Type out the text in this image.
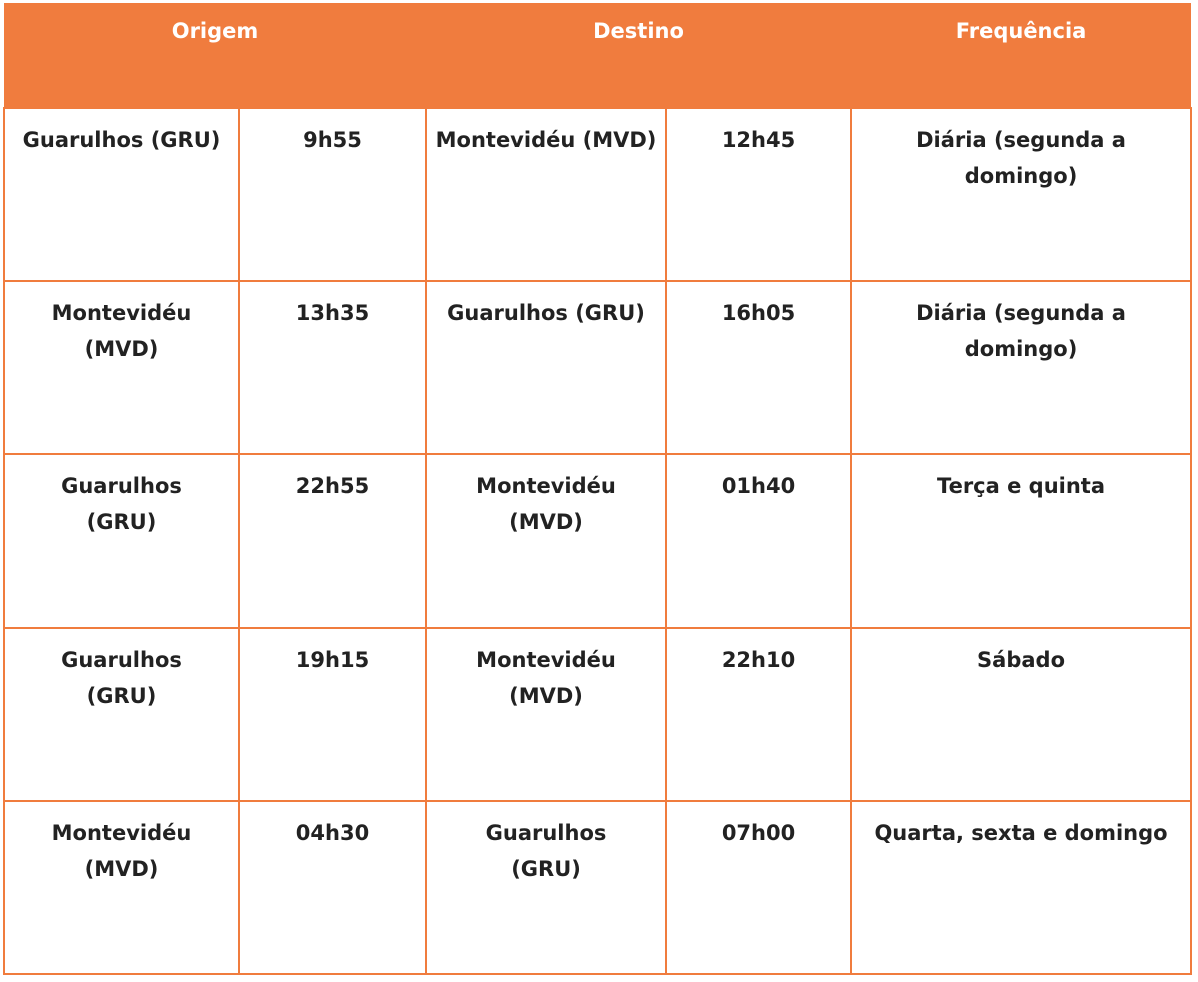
Origem		Destino		Frequência
Guarulhos (GRU)	9h55	Montevidéu (MVD)	12h45	Diária (segunda a domingo)
Montevidéu (MVD)	13h35	Guarulhos (GRU)	16h05	Diária (segunda a domingo)
Guarulhos (GRU)	22h55	Montevidéu (MVD)	01h40	Terça e quinta
Guarulhos (GRU)	19h15	Montevidéu (MVD)	22h10	Sábado
Montevidéu (MVD)	04h30	Guarulhos (GRU)	07h00	Quarta, sexta e domingo
